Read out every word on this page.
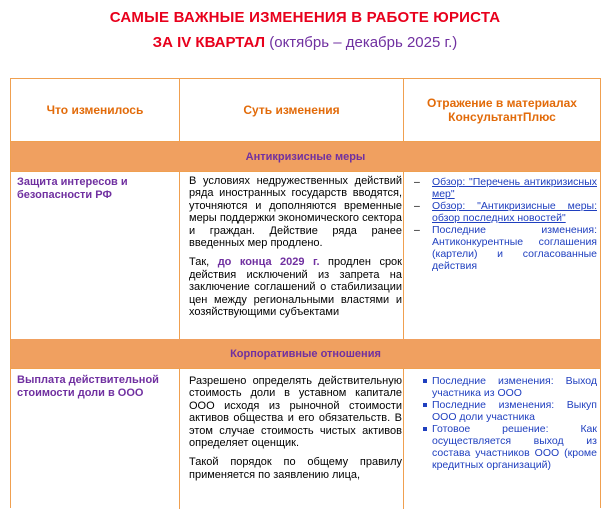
САМЫЕ ВАЖНЫЕ ИЗМЕНЕНИЯ В РАБОТЕ ЮРИСТА
ЗА IV КВАРТАЛ (октябрь – декабрь 2025 г.)
Что изменилось	Суть изменения	Отражение в материалах КонсультантПлюс
Антикризисные меры
Защита интересов и безопасности РФ

В условиях недружественных действий ряда иностранных государств вводятся, уточняются и дополняются временные меры поддержки экономического сектора и граждан. Действие ряда ранее введенных мер продлено.

Так, до конца 2029 г. продлен срок действия исключений из запрета на заключение соглашений о стабилизации цен между региональными властями и хозяйствующими субъектами

– Обзор: "Перечень антикризисных мер"
– Обзор: "Антикризисные меры: обзор последних новостей"
– Последние изменения: Антиконкурентные соглашения (картели) и согласованные действия
Корпоративные отношения
Выплата действительной стоимости доли в ООО

Разрешено определять действительную стоимость доли в уставном капитале ООО исходя из рыночной стоимости активов общества и его обязательств. В этом случае стоимость чистых активов определяет оценщик.

Такой порядок по общему правилу применяется по заявлению лица,

Последние изменения: Выход участника из ООО
Последние изменения: Выкуп ООО доли участника
Готовое решение: Как осуществляется выход из состава участников ООО (кроме кредитных организаций)
